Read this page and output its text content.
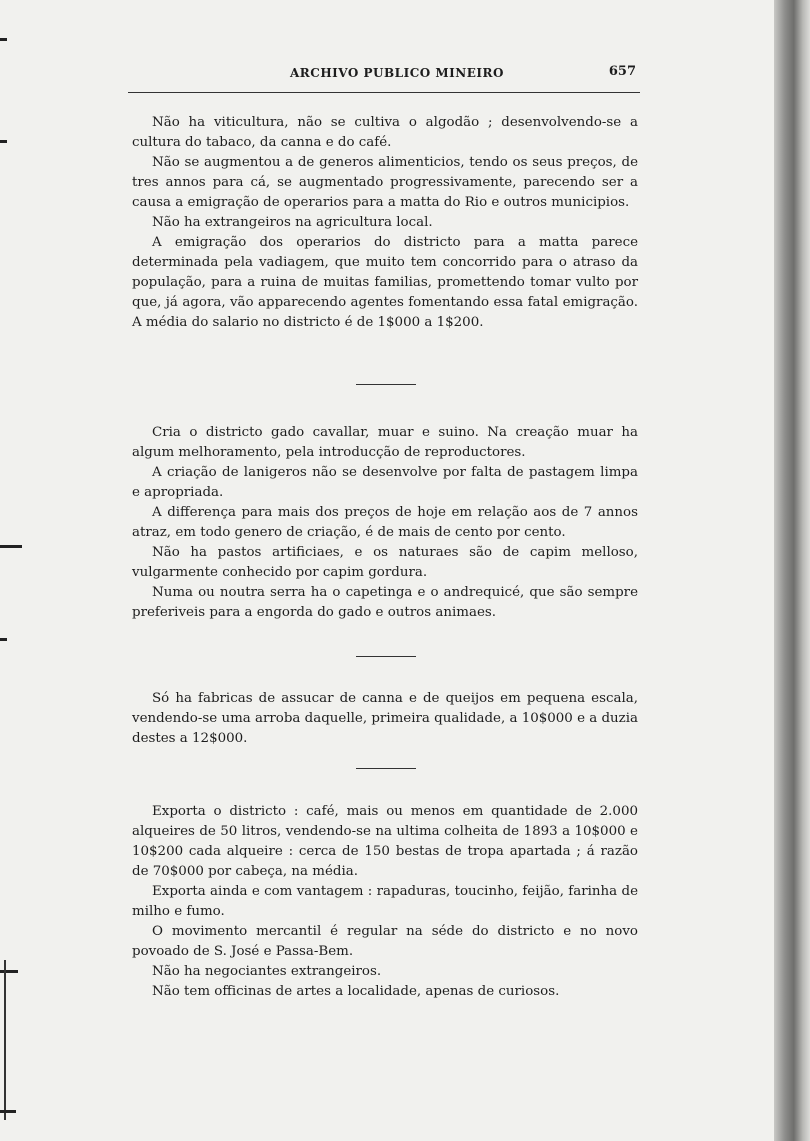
ARCHIVO PUBLICO MINEIRO	657

Não ha viticultura, não se cultiva o algodão ; desenvolvendo-se a cultura do tabaco, da canna e do café.

Não se augmentou a de generos alimenticios, tendo os seus preços, de tres annos para cá, se augmentado progressivamente, parecendo ser a causa a emigração de operarios para a matta do Rio e outros municipios.

Não ha extrangeiros na agricultura local.

A emigração dos operarios do districto para a matta parece determinada pela vadiagem, que muito tem concorrido para o atraso da população, para a ruina de muitas familias, promettendo tomar vulto por que, já agora, vão apparecendo agentes fomentando essa fatal emigração. A média do salario no districto é de 1$000 a 1$200.

Cria o districto gado cavallar, muar e suino. Na creação muar ha algum melhoramento, pela introducção de reproductores.

A criação de lanigeros não se desenvolve por falta de pastagem limpa e apropriada.

A differença para mais dos preços de hoje em relação aos de 7 annos atraz, em todo genero de criação, é de mais de cento por cento.

Não ha pastos artificiaes, e os naturaes são de capim melloso, vulgarmente conhecido por capim gordura.

Numa ou noutra serra ha o capetinga e o andrequicé, que são sempre preferiveis para a engorda do gado e outros animaes.

Só ha fabricas de assucar de canna e de queijos em pequena escala, vendendo-se uma arroba daquelle, primeira qualidade, a 10$000 e a duzia destes a 12$000.

Exporta o districto : café, mais ou menos em quantidade de 2.000 alqueires de 50 litros, vendendo-se na ultima colheita de 1893 a 10$000 e 10$200 cada alqueire : cerca de 150 bestas de tropa apartada ; á razão de 70$000 por cabeça, na média.

Exporta ainda e com vantagem : rapaduras, toucinho, feijão, farinha de milho e fumo.

O movimento mercantil é regular na séde do districto e no novo povoado de S. José e Passa-Bem.

Não ha negociantes extrangeiros.

Não tem officinas de artes a localidade, apenas de curiosos.
